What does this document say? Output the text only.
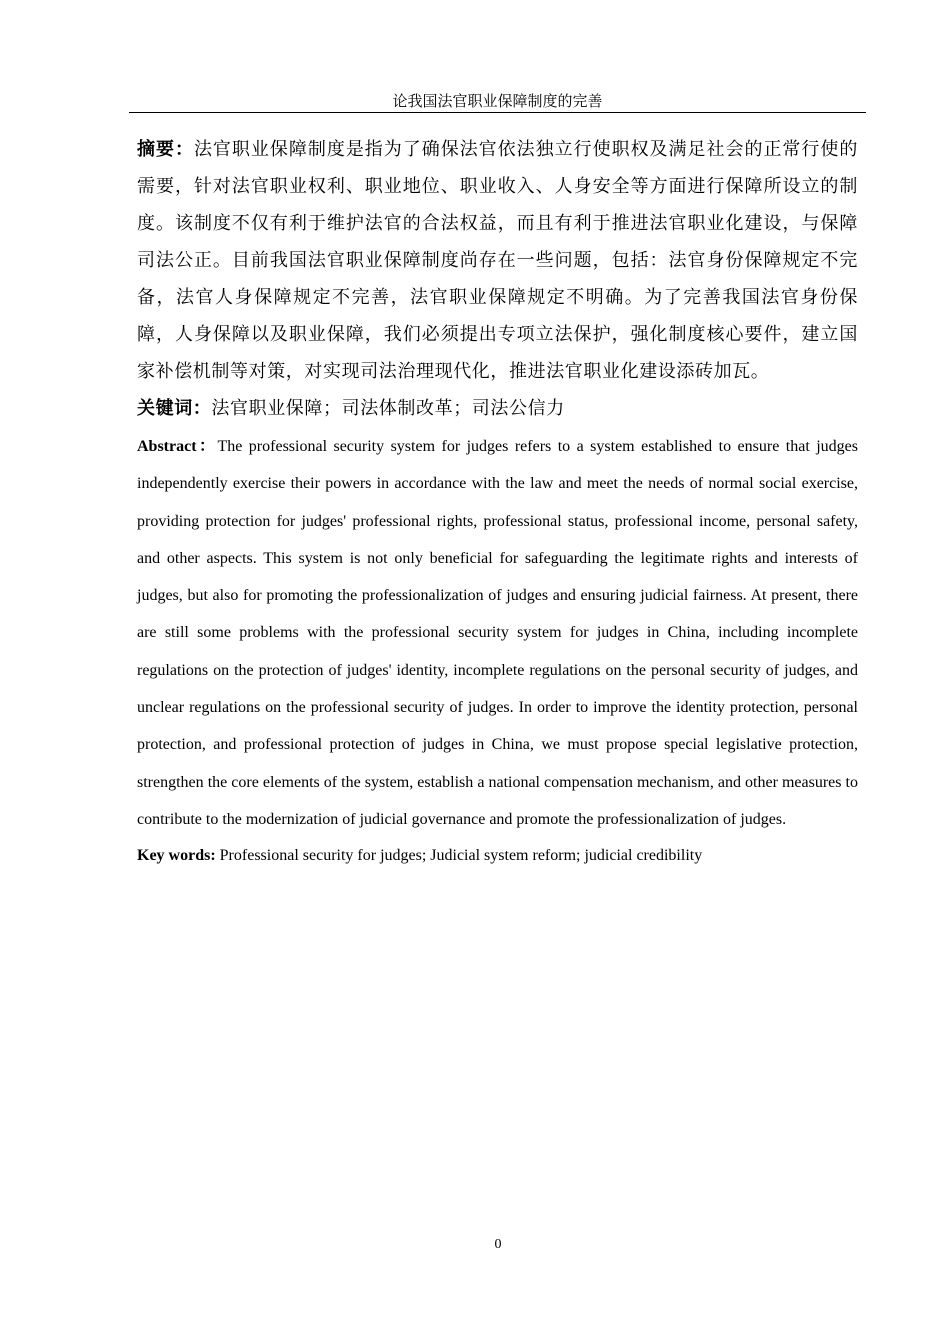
论我国法官职业保障制度的完善

摘要：法官职业保障制度是指为了确保法官依法独立行使职权及满足社会的正常行使的需要，针对法官职业权利、职业地位、职业收入、人身安全等方面进行保障所设立的制度。该制度不仅有利于维护法官的合法权益，而且有利于推进法官职业化建设，与保障司法公正。目前我国法官职业保障制度尚存在一些问题，包括：法官身份保障规定不完备，法官人身保障规定不完善，法官职业保障规定不明确。为了完善我国法官身份保障，人身保障以及职业保障，我们必须提出专项立法保护，强化制度核心要件，建立国家补偿机制等对策，对实现司法治理现代化，推进法官职业化建设添砖加瓦。

关键词：法官职业保障；司法体制改革；司法公信力

Abstract：The professional security system for judges refers to a system established to ensure that judges independently exercise their powers in accordance with the law and meet the needs of normal social exercise, providing protection for judges' professional rights, professional status, professional income, personal safety, and other aspects. This system is not only beneficial for safeguarding the legitimate rights and interests of judges, but also for promoting the professionalization of judges and ensuring judicial fairness. At present, there are still some problems with the professional security system for judges in China, including incomplete regulations on the protection of judges' identity, incomplete regulations on the personal security of judges, and unclear regulations on the professional security of judges. In order to improve the identity protection, personal protection, and professional protection of judges in China, we must propose special legislative protection, strengthen the core elements of the system, establish a national compensation mechanism, and other measures to contribute to the modernization of judicial governance and promote the professionalization of judges.

Key words: Professional security for judges; Judicial system reform; judicial credibility

0
